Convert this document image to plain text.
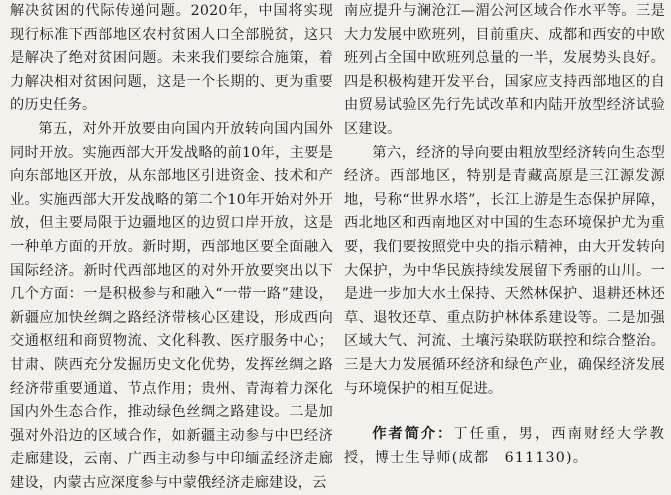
解决贫困的代际传递问题。2020年，中国将实现现行标准下西部地区农村贫困人口全部脱贫，这只是解决了绝对贫困问题。未来我们要综合施策，着力解决相对贫困问题，这是一个长期的、更为重要的历史任务。

第五，对外开放要由向国内开放转向国内国外同时开放。实施西部大开发战略的前10年，主要是向东部地区开放，从东部地区引进资金、技术和产业。实施西部大开发战略的第二个10年开始对外开放，但主要局限于边疆地区的边贸口岸开放，这是一种单方面的开放。新时期，西部地区要全面融入国际经济。新时代西部地区的对外开放要突出以下几个方面：一是积极参与和融入“一带一路”建设，新疆应加快丝绸之路经济带核心区建设，形成西向交通枢纽和商贸物流、文化科教、医疗服务中心；甘肃、陕西充分发掘历史文化优势，发挥丝绸之路经济带重要通道、节点作用；贵州、青海着力深化国内外生态合作，推动绿色丝绸之路建设。二是加强对外沿边的区域合作，如新疆主动参与中巴经济走廊建设，云南、广西主动参与中印缅孟经济走廊建设，内蒙古应深度参与中蒙俄经济走廊建设，云

南应提升与澜沧江—湄公河区域合作水平等。三是大力发展中欧班列，目前重庆、成都和西安的中欧班列占全国中欧班列总量的一半，发展势头良好。四是积极构建开发平台，国家应支持西部地区的自由贸易试验区先行先试改革和内陆开放型经济试验区建设。

第六，经济的导向要由粗放型经济转向生态型经济。西部地区，特别是青藏高原是三江源发源地，号称“世界水塔”，长江上游是生态保护屏障，西北地区和西南地区对中国的生态环境保护尤为重要，我们要按照党中央的指示精神，由大开发转向大保护，为中华民族持续发展留下秀丽的山川。一是进一步加大水土保持、天然林保护、退耕还林还草、退牧还草、重点防护林体系建设等。二是加强区域大气、河流、土壤污染联防联控和综合整治。三是大力发展循环经济和绿色产业，确保经济发展与环境保护的相互促进。

作者简介：丁任重，男，西南财经大学教授，博士生导师(成都　611130)。
